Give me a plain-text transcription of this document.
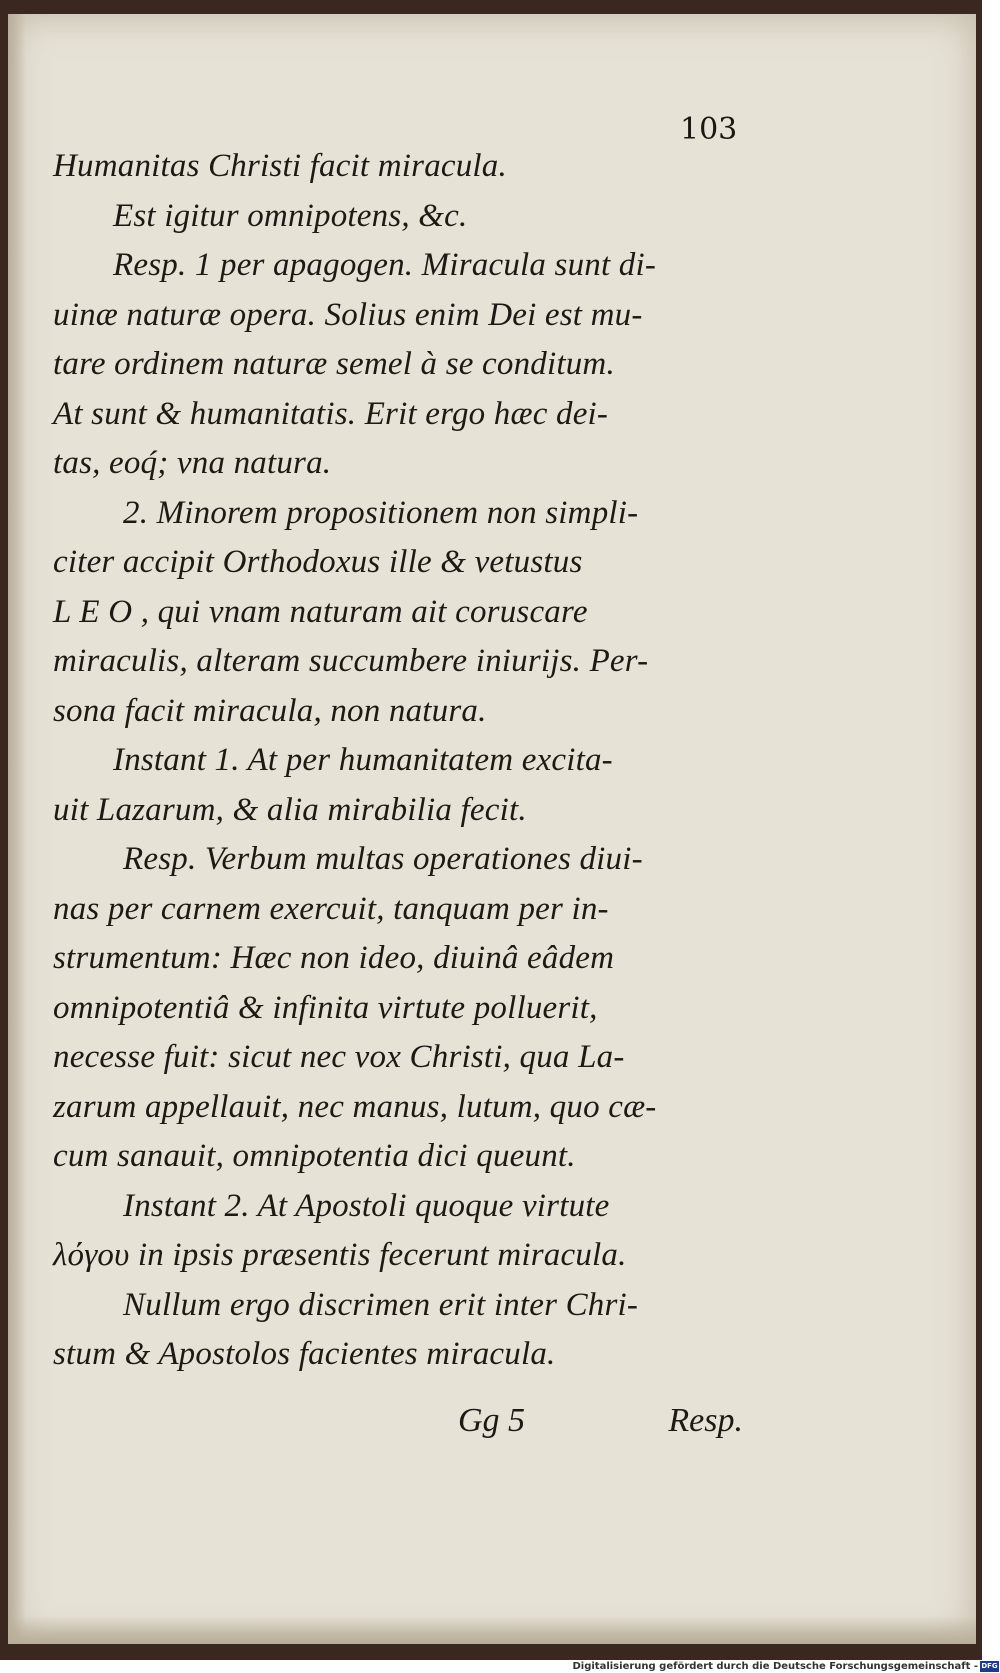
103
Humanitas Christi facit miracula.
Est igitur omnipotens, &c.
Resp. 1 per apagogen. Miracula sunt di-
uinæ naturæ opera. Solius enim Dei est mu-
tare ordinem naturæ semel à se conditum.
At sunt & humanitatis. Erit ergo hæc dei-
tas, eoq́; vna natura.
2. Minorem propositionem non simpli-
citer accipit Orthodoxus ille & vetustus
L E O , qui vnam naturam ait coruscare
miraculis, alteram succumbere iniurijs. Per-
sona facit miracula, non natura.
Instant 1. At per humanitatem excita-
uit Lazarum, & alia mirabilia fecit.
Resp. Verbum multas operationes diui-
nas per carnem exercuit, tanquam per in-
strumentum: Hæc non ideo, diuinâ eâdem
omnipotentiâ & infinita virtute polluerit,
necesse fuit: sicut nec vox Christi, qua La-
zarum appellauit, nec manus, lutum, quo cæ-
cum sanauit, omnipotentia dici queunt.
Instant 2. At Apostoli quoque virtute
λόγου in ipsis præsentis fecerunt miracula.
Nullum ergo discrimen erit inter Chri-
stum & Apostolos facientes miracula.
Gg 5	Resp.
Digitalisierung gefördert durch die Deutsche Forschungsgemeinschaft - DFG
